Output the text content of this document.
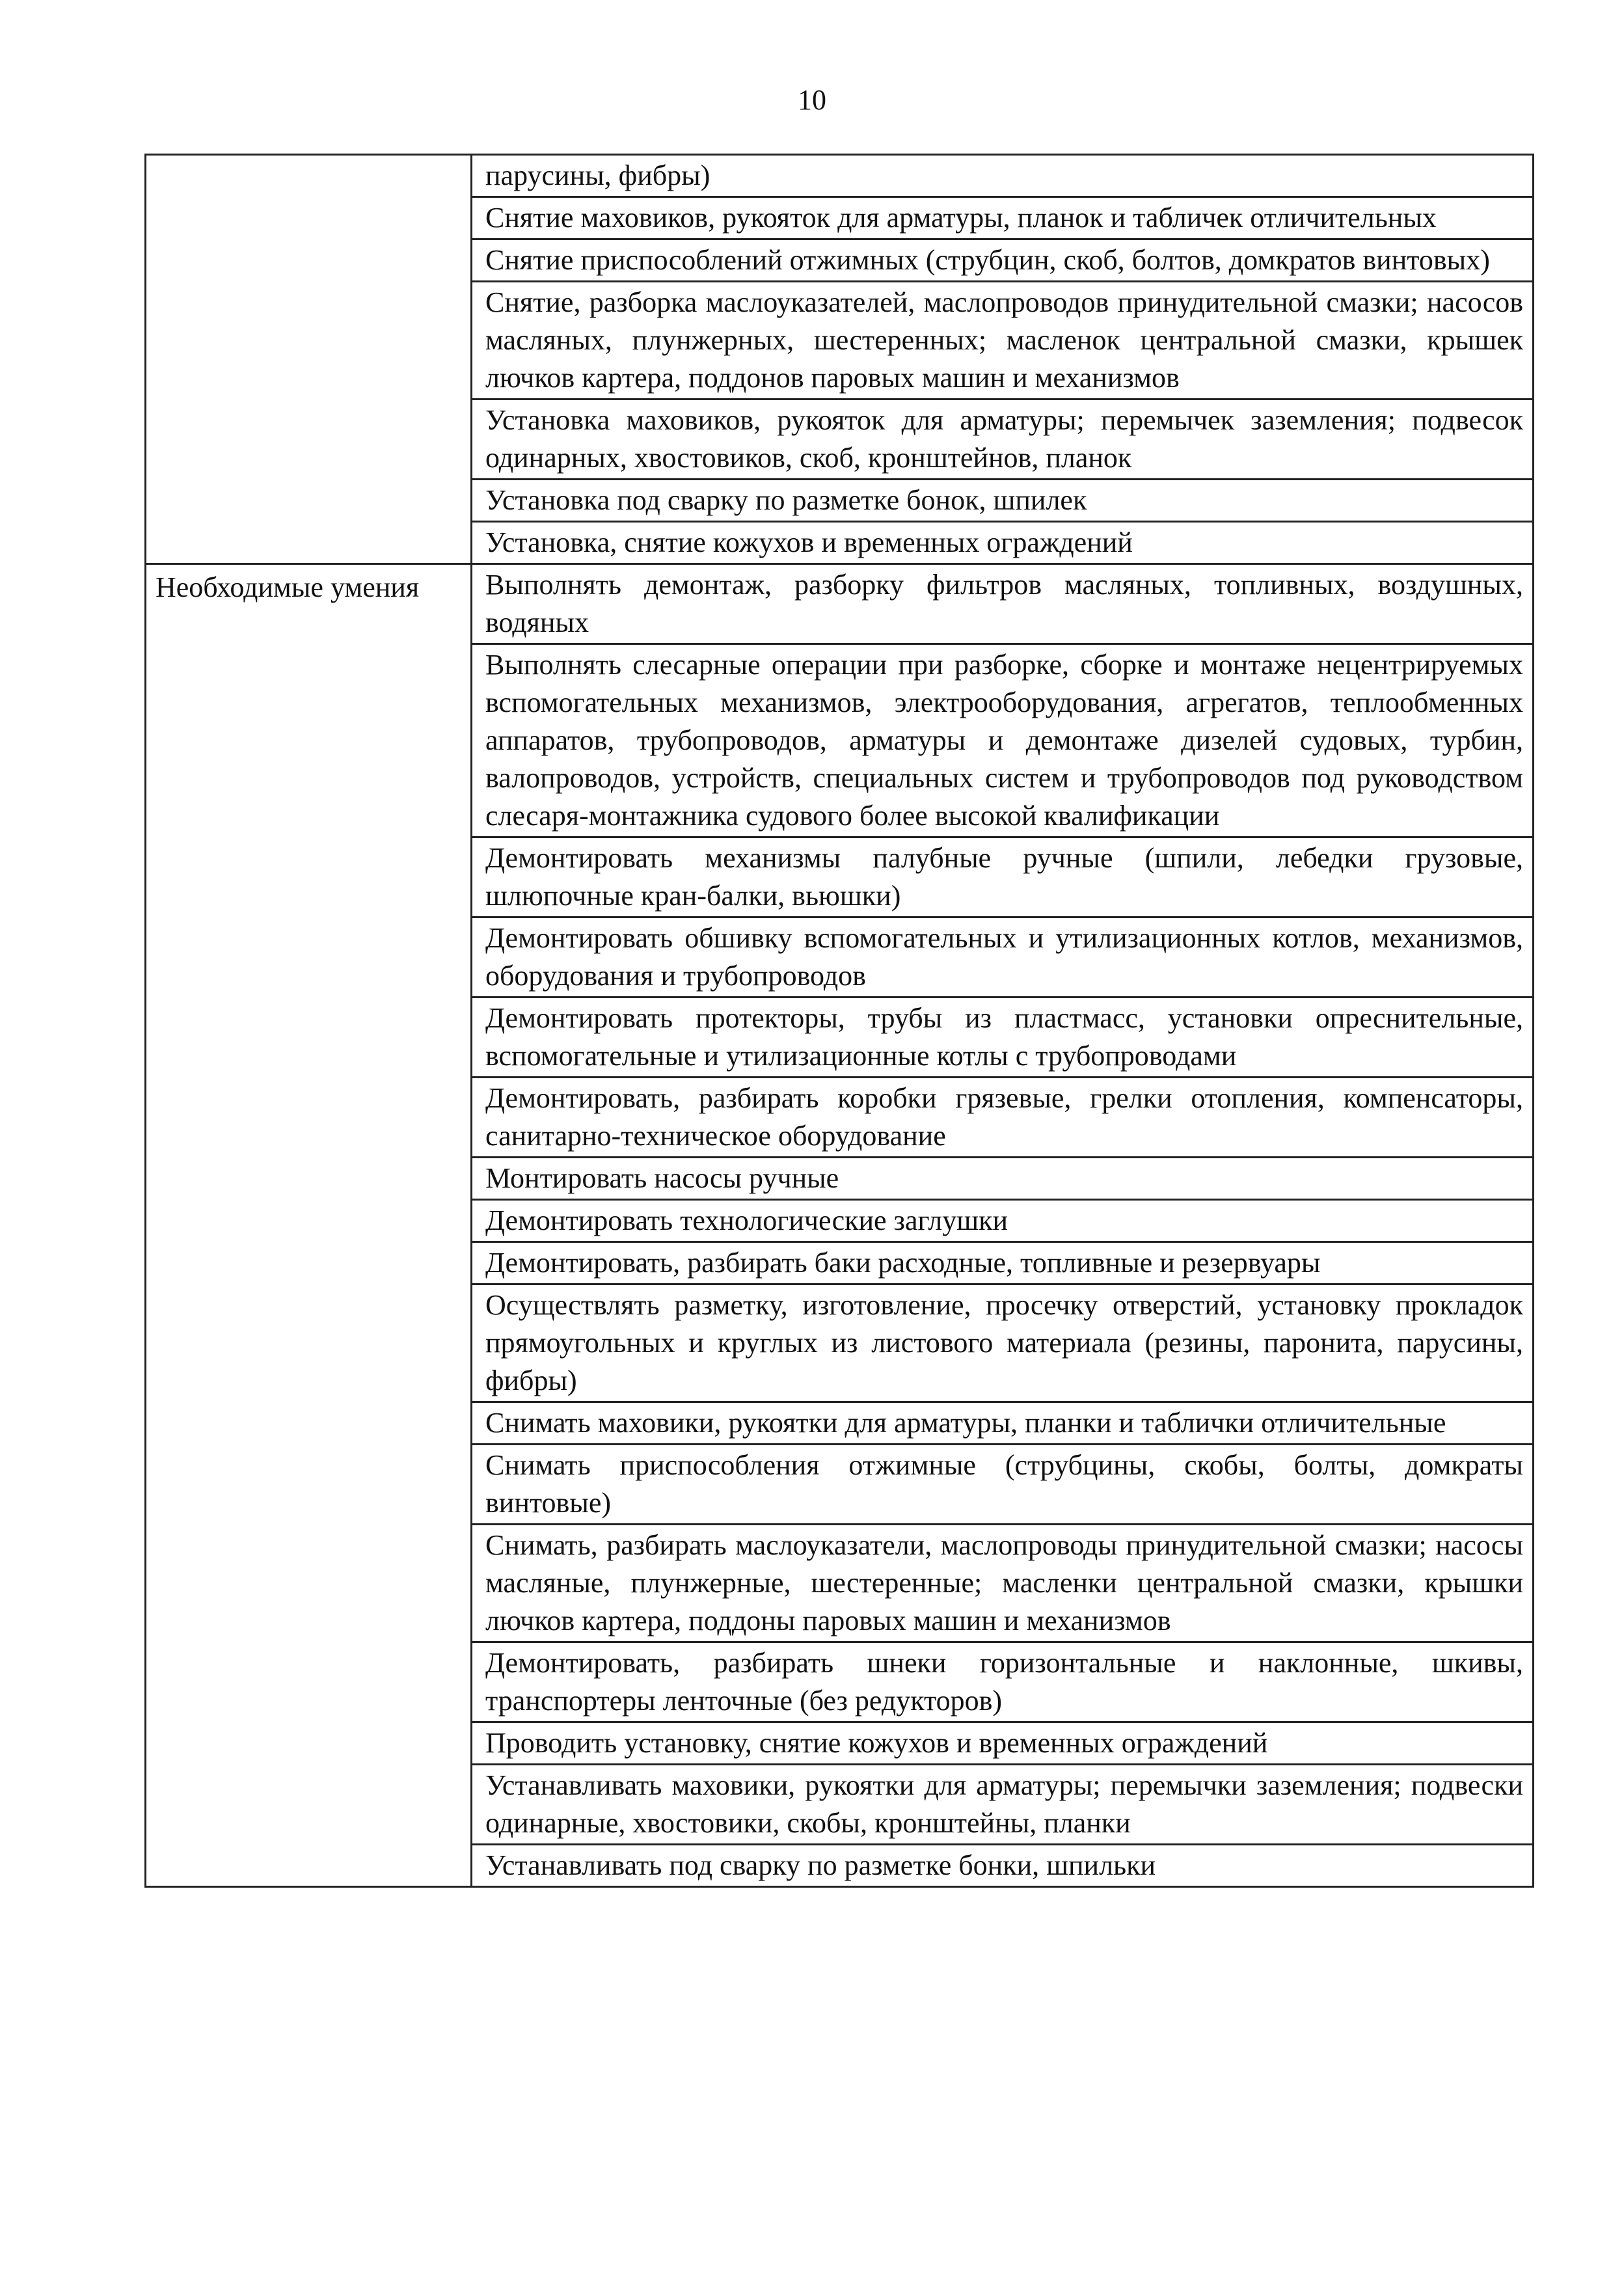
10

парусины, фибры)
Снятие маховиков, рукояток для арматуры, планок и табличек отличительных
Снятие приспособлений отжимных (струбцин, скоб, болтов, домкратов винтовых)
Снятие, разборка маслоуказателей, маслопроводов принудительной смазки; насосов масляных, плунжерных, шестеренных; масленок центральной смазки, крышек лючков картера, поддонов паровых машин и механизмов
Установка маховиков, рукояток для арматуры; перемычек заземления; подвесок одинарных, хвостовиков, скоб, кронштейнов, планок
Установка под сварку по разметке бонок, шпилек
Установка, снятие кожухов и временных ограждений

Необходимые умения	Выполнять демонтаж, разборку фильтров масляных, топливных, воздушных, водяных
Выполнять слесарные операции при разборке, сборке и монтаже нецентрируемых вспомогательных механизмов, электрооборудования, агрегатов, теплообменных аппаратов, трубопроводов, арматуры и демонтаже дизелей судовых, турбин, валопроводов, устройств, специальных систем и трубопроводов под руководством слесаря-монтажника судового более высокой квалификации
Демонтировать механизмы палубные ручные (шпили, лебедки грузовые, шлюпочные кран-балки, вьюшки)
Демонтировать обшивку вспомогательных и утилизационных котлов, механизмов, оборудования и трубопроводов
Демонтировать протекторы, трубы из пластмасс, установки опреснительные, вспомогательные и утилизационные котлы с трубопроводами
Демонтировать, разбирать коробки грязевые, грелки отопления, компенсаторы, санитарно-техническое оборудование
Монтировать насосы ручные
Демонтировать технологические заглушки
Демонтировать, разбирать баки расходные, топливные и резервуары
Осуществлять разметку, изготовление, просечку отверстий, установку прокладок прямоугольных и круглых из листового материала (резины, паронита, парусины, фибры)
Снимать маховики, рукоятки для арматуры, планки и таблички отличительные
Снимать приспособления отжимные (струбцины, скобы, болты, домкраты винтовые)
Снимать, разбирать маслоуказатели, маслопроводы принудительной смазки; насосы масляные, плунжерные, шестеренные; масленки центральной смазки, крышки лючков картера, поддоны паровых машин и механизмов
Демонтировать, разбирать шнеки горизонтальные и наклонные, шкивы, транспортеры ленточные (без редукторов)
Проводить установку, снятие кожухов и временных ограждений
Устанавливать маховики, рукоятки для арматуры; перемычки заземления; подвески одинарные, хвостовики, скобы, кронштейны, планки
Устанавливать под сварку по разметке бонки, шпильки
